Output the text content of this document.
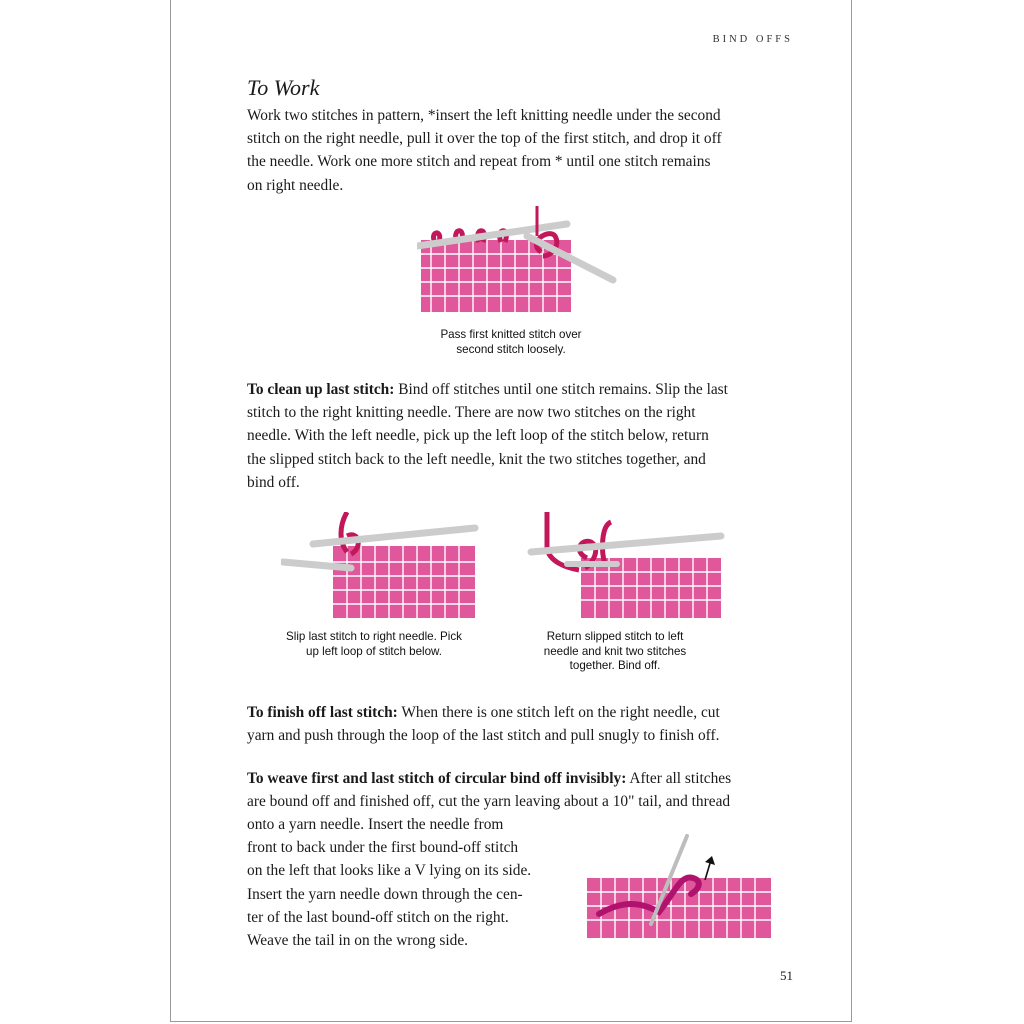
BIND OFFS
To Work
Work two stitches in pattern, *insert the left knitting needle under the second
stitch on the right needle, pull it over the top of the first stitch, and drop it off
the needle. Work one more stitch and repeat from * until one stitch remains
on right needle.
Pass first knitted stitch over
second stitch loosely.
To clean up last stitch: Bind off stitches until one stitch remains. Slip the last
stitch to the right knitting needle. There are now two stitches on the right
needle. With the left needle, pick up the left loop of the stitch below, return
the slipped stitch back to the left needle, knit the two stitches together, and
bind off.
Slip last stitch to right needle. Pick
up left loop of stitch below.
Return slipped stitch to left
needle and knit two stitches
together. Bind off.
To finish off last stitch: When there is one stitch left on the right needle, cut
yarn and push through the loop of the last stitch and pull snugly to finish off.
To weave first and last stitch of circular bind off invisibly: After all stitches
are bound off and finished off, cut the yarn leaving about a 10" tail, and thread
onto a yarn needle. Insert the needle from
front to back under the first bound-off stitch
on the left that looks like a V lying on its side.
Insert the yarn needle down through the cen-
ter of the last bound-off stitch on the right.
Weave the tail in on the wrong side.
51
